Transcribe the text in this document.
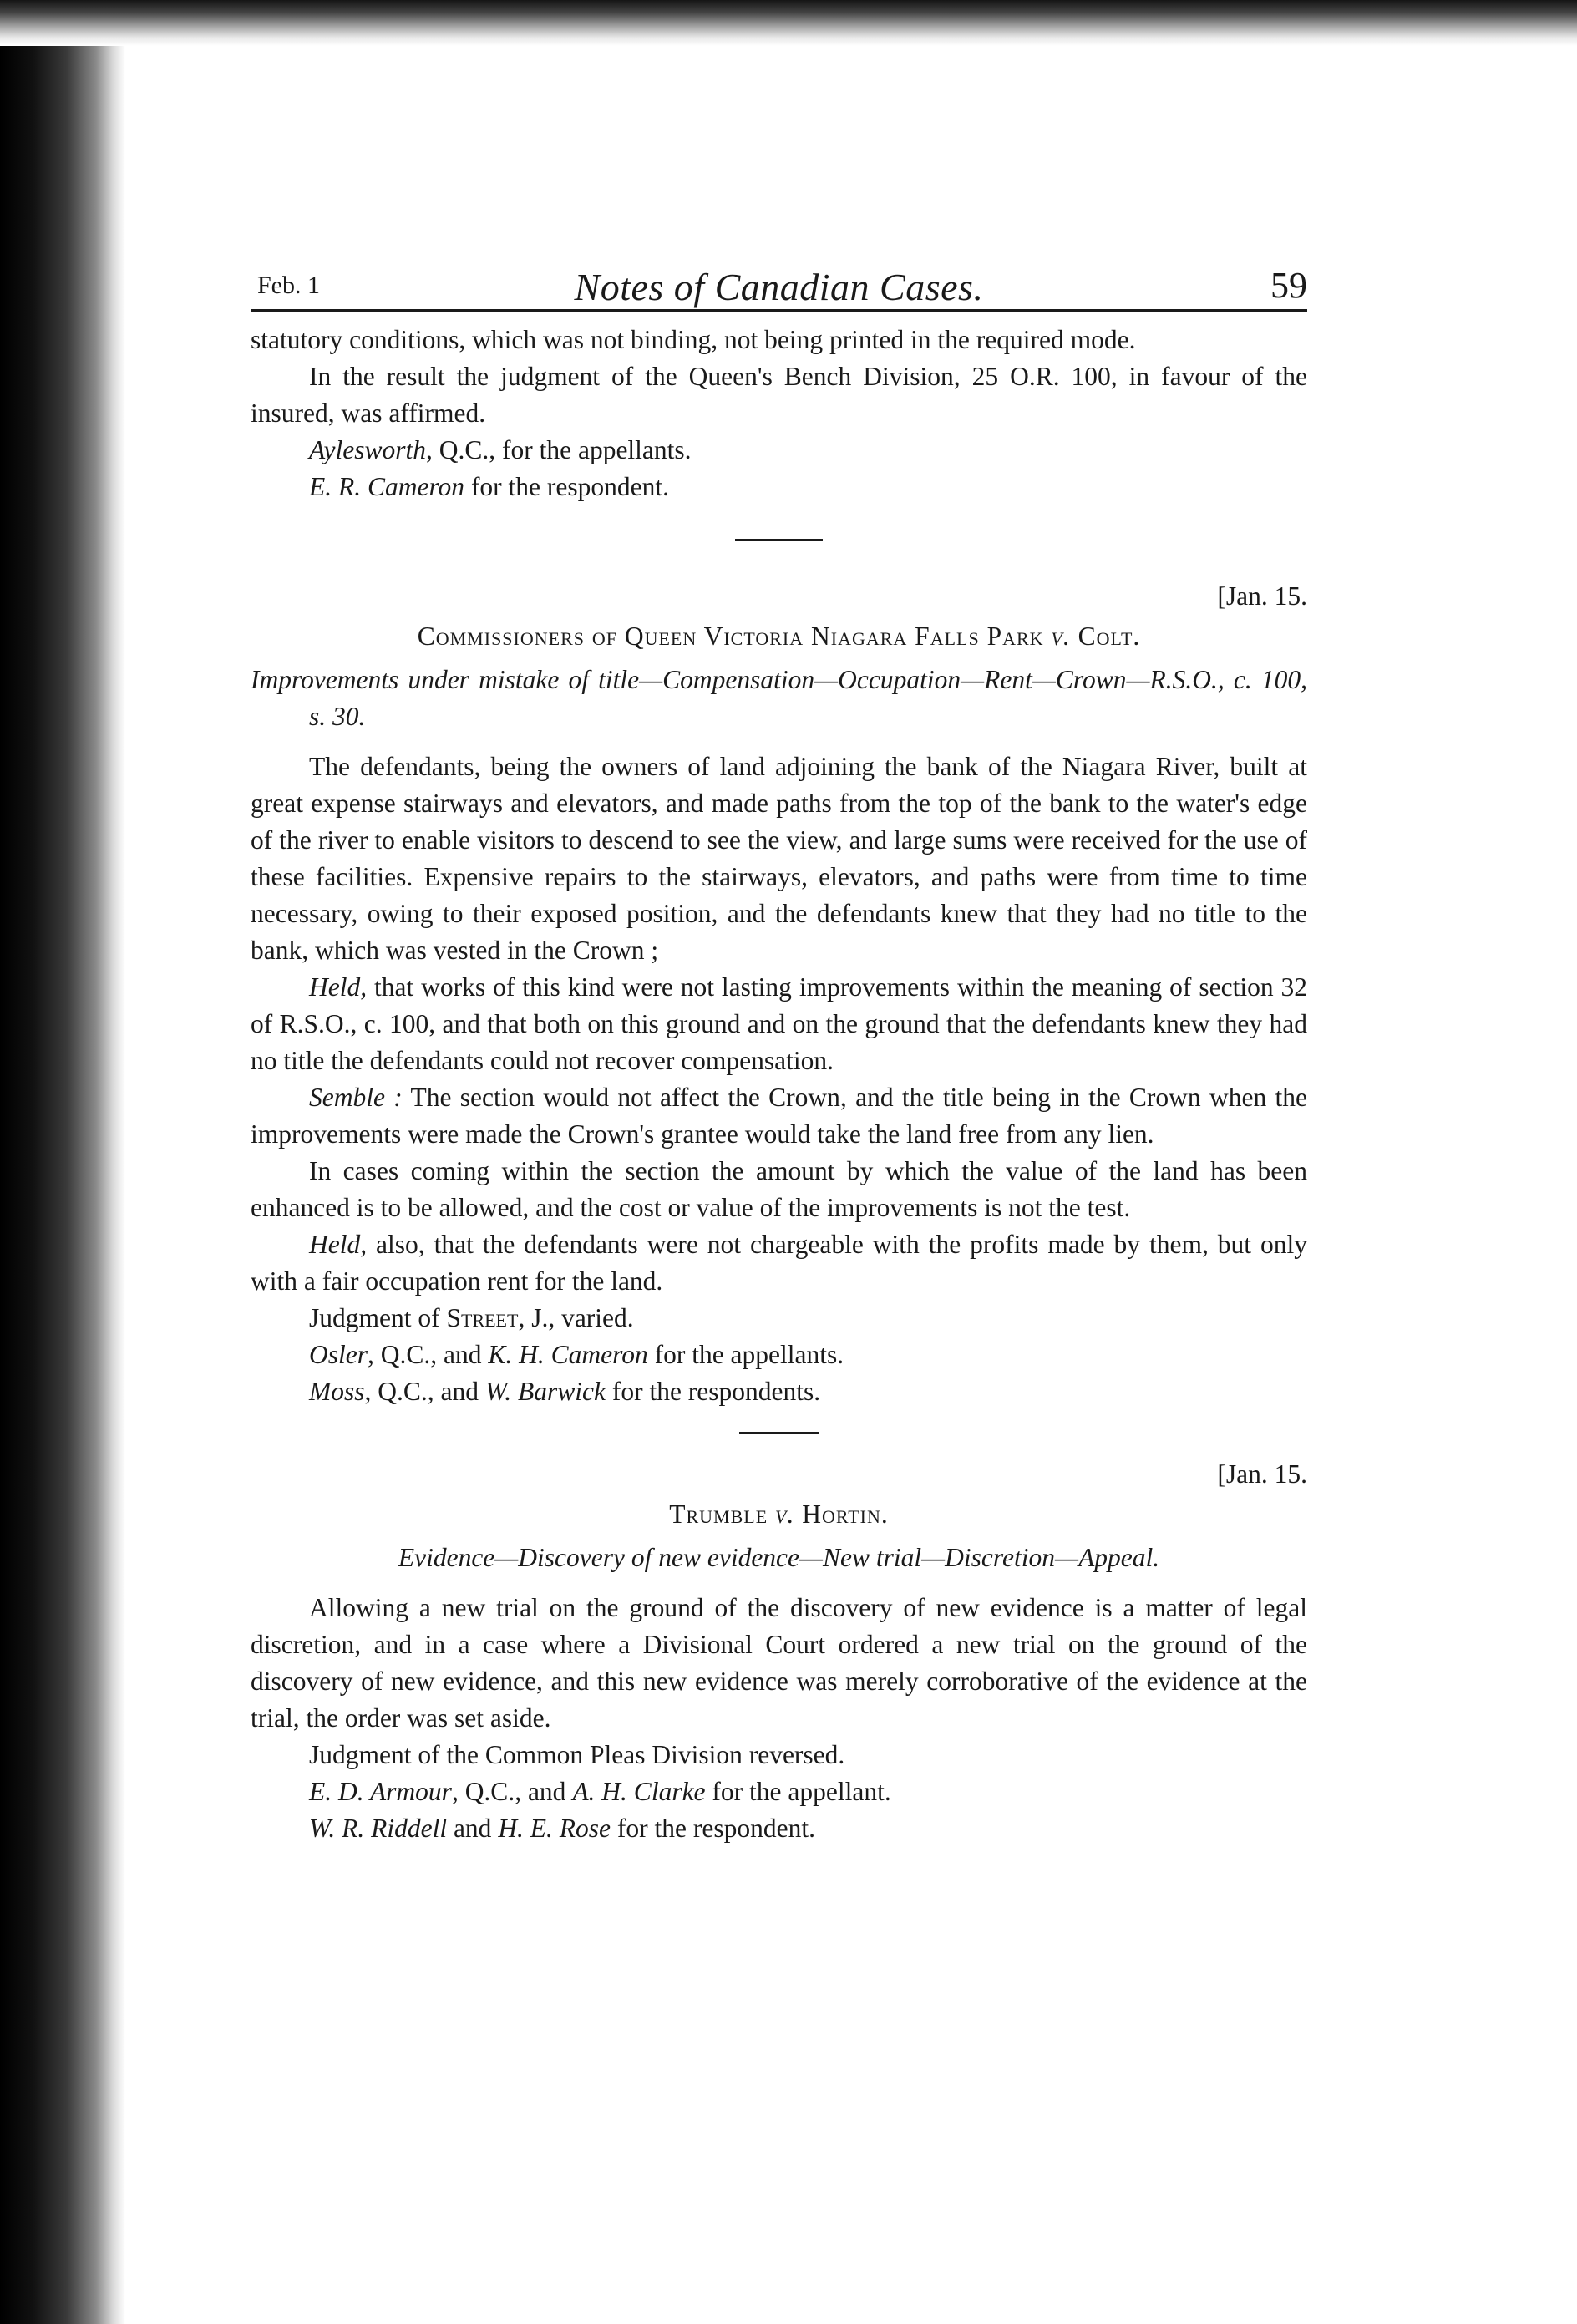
Feb. 1	Notes of Canadian Cases.	59

statutory conditions, which was not binding, not being printed in the required mode.

In the result the judgment of the Queen's Bench Division, 25 O.R. 100, in favour of the insured, was affirmed.

Aylesworth, Q.C., for the appellants.

E. R. Cameron for the respondent.

[Jan. 15.

Commissioners of Queen Victoria Niagara Falls Park v. Colt.

Improvements under mistake of title—Compensation—Occupation—Rent—Crown—R.S.O., c. 100, s. 30.

The defendants, being the owners of land adjoining the bank of the Niagara River, built at great expense stairways and elevators, and made paths from the top of the bank to the water's edge of the river to enable visitors to descend to see the view, and large sums were received for the use of these facilities. Expensive repairs to the stairways, elevators, and paths were from time to time necessary, owing to their exposed position, and the defendants knew that they had no title to the bank, which was vested in the Crown ;

Held, that works of this kind were not lasting improvements within the meaning of section 32 of R.S.O., c. 100, and that both on this ground and on the ground that the defendants knew they had no title the defendants could not recover compensation.

Semble : The section would not affect the Crown, and the title being in the Crown when the improvements were made the Crown's grantee would take the land free from any lien.

In cases coming within the section the amount by which the value of the land has been enhanced is to be allowed, and the cost or value of the improvements is not the test.

Held, also, that the defendants were not chargeable with the profits made by them, but only with a fair occupation rent for the land.

Judgment of Street, J., varied.

Osler, Q.C., and K. H. Cameron for the appellants.

Moss, Q.C., and W. Barwick for the respondents.

[Jan. 15.

Trumble v. Hortin.

Evidence—Discovery of new evidence—New trial—Discretion—Appeal.

Allowing a new trial on the ground of the discovery of new evidence is a matter of legal discretion, and in a case where a Divisional Court ordered a new trial on the ground of the discovery of new evidence, and this new evidence was merely corroborative of the evidence at the trial, the order was set aside.

Judgment of the Common Pleas Division reversed.

E. D. Armour, Q.C., and A. H. Clarke for the appellant.

W. R. Riddell and H. E. Rose for the respondent.
